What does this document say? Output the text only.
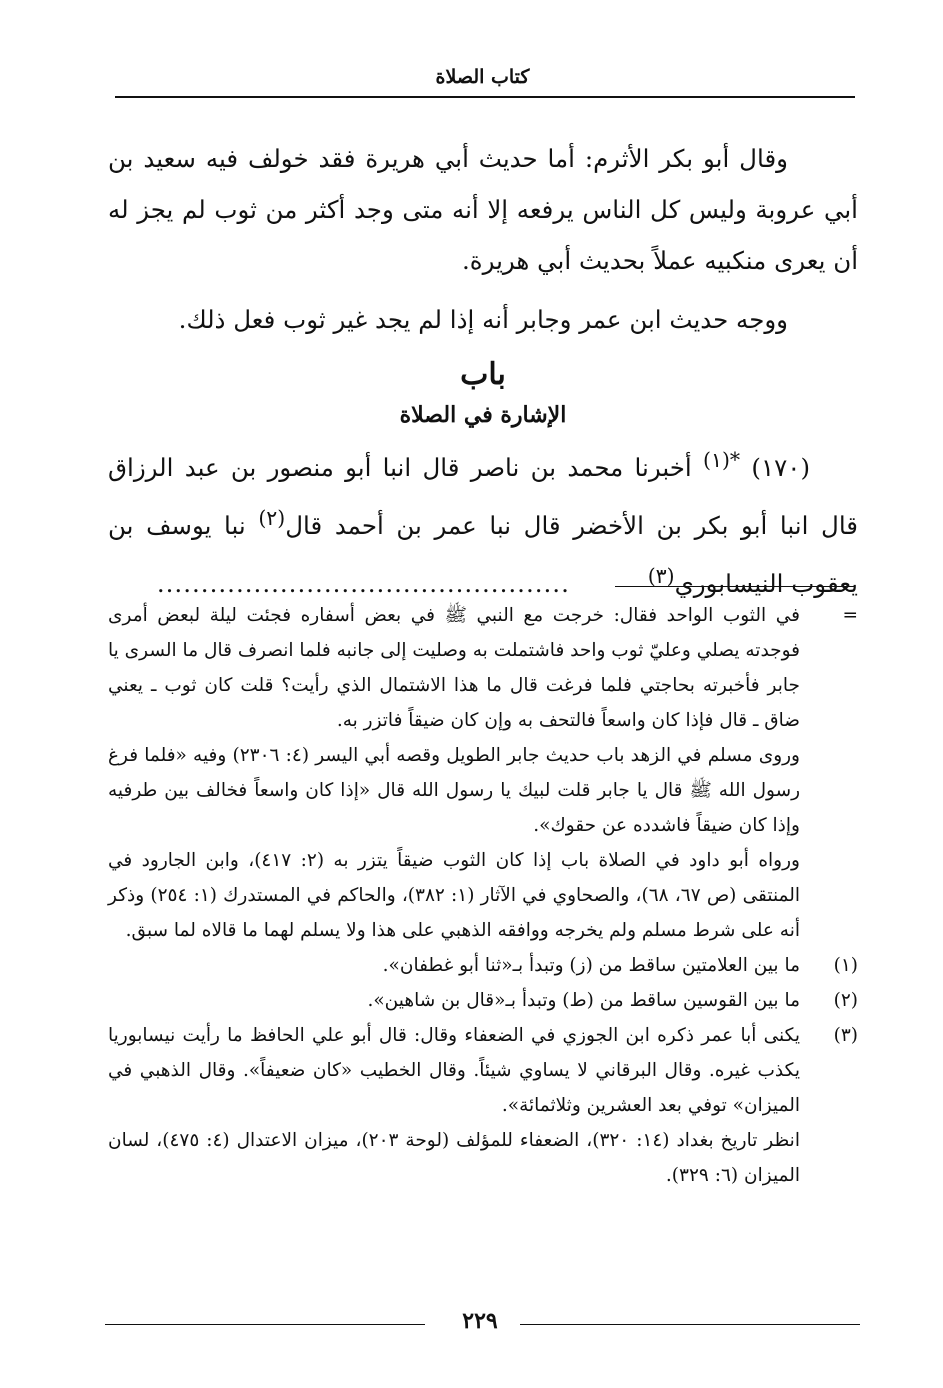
كتاب الصلاة

وقال أبو بكر الأثرم: أما حديث أبي هريرة فقد خولف فيه سعيد بن أبي عروبة وليس كل الناس يرفعه إلا أنه متى وجد أكثر من ثوب لم يجز له أن يعرى منكبيه عملاً بحديث أبي هريرة.

ووجه حديث ابن عمر وجابر أنه إذا لم يجد غير ثوب فعل ذلك.

باب
الإشارة في الصلاة

(١٧٠) $^{*(١)}$ أخبرنا محمد بن ناصر قال انبا أبو منصور بن عبد الرزاق قال انبا أبو بكر بن الأخضر قال نبا عمر بن أحمد قال$^{(٢)}$ نبا يوسف بن يعقوب النيسابوري$^{(٣)}$ ...............................................

=

في الثوب الواحد فقال: خرجت مع النبي ﷺ في بعض أسفاره فجئت ليلة لبعض أمرى فوجدته يصلي وعليّ ثوب واحد فاشتملت به وصليت إلى جانبه فلما انصرف قال ما السرى يا جابر فأخبرته بحاجتي فلما فرغت قال ما هذا الاشتمال الذي رأيت؟ قلت كان ثوب ـ يعني ضاق ـ قال فإذا كان واسعاً فالتحف به وإن كان ضيقاً فاتزر به.

وروى مسلم في الزهد باب حديث جابر الطويل وقصه أبي اليسر (٤: ٢٣٠٦) وفيه «فلما فرغ رسول الله ﷺ قال يا جابر قلت لبيك يا رسول الله قال «إذا كان واسعاً فخالف بين طرفيه وإذا كان ضيقاً فاشدده عن حقوك».

ورواه أبو داود في الصلاة باب إذا كان الثوب ضيقاً يتزر به (٢: ٤١٧)، وابن الجارود في المنتقى (ص ٦٧، ٦٨)، والصحاوي في الآثار (١: ٣٨٢)، والحاكم في المستدرك (١: ٢٥٤) وذكر أنه على شرط مسلم ولم يخرجه ووافقه الذهبي على هذا ولا يسلم لهما ما قالاه لما سبق.

(١)

ما بين العلامتين ساقط من (ز) وتبدأ بـ«ثنا أبو غطفان».

(٢)

ما بين القوسين ساقط من (ط) وتبدأ بـ«قال بن شاهين».

(٣)

يكنى أبا عمر ذكره ابن الجوزي في الضعفاء وقال: قال أبو علي الحافظ ما رأيت نيسابوريا يكذب غيره. وقال البرقاني لا يساوي شيئاً. وقال الخطيب «كان ضعيفاً». وقال الذهبي في الميزان» توفي بعد العشرين وثلاثمائة».

انظر تاريخ بغداد (١٤: ٣٢٠)، الضعفاء للمؤلف (لوحة ٢٠٣)، ميزان الاعتدال (٤: ٤٧٥)، لسان الميزان (٦: ٣٢٩).

٢٢٩
